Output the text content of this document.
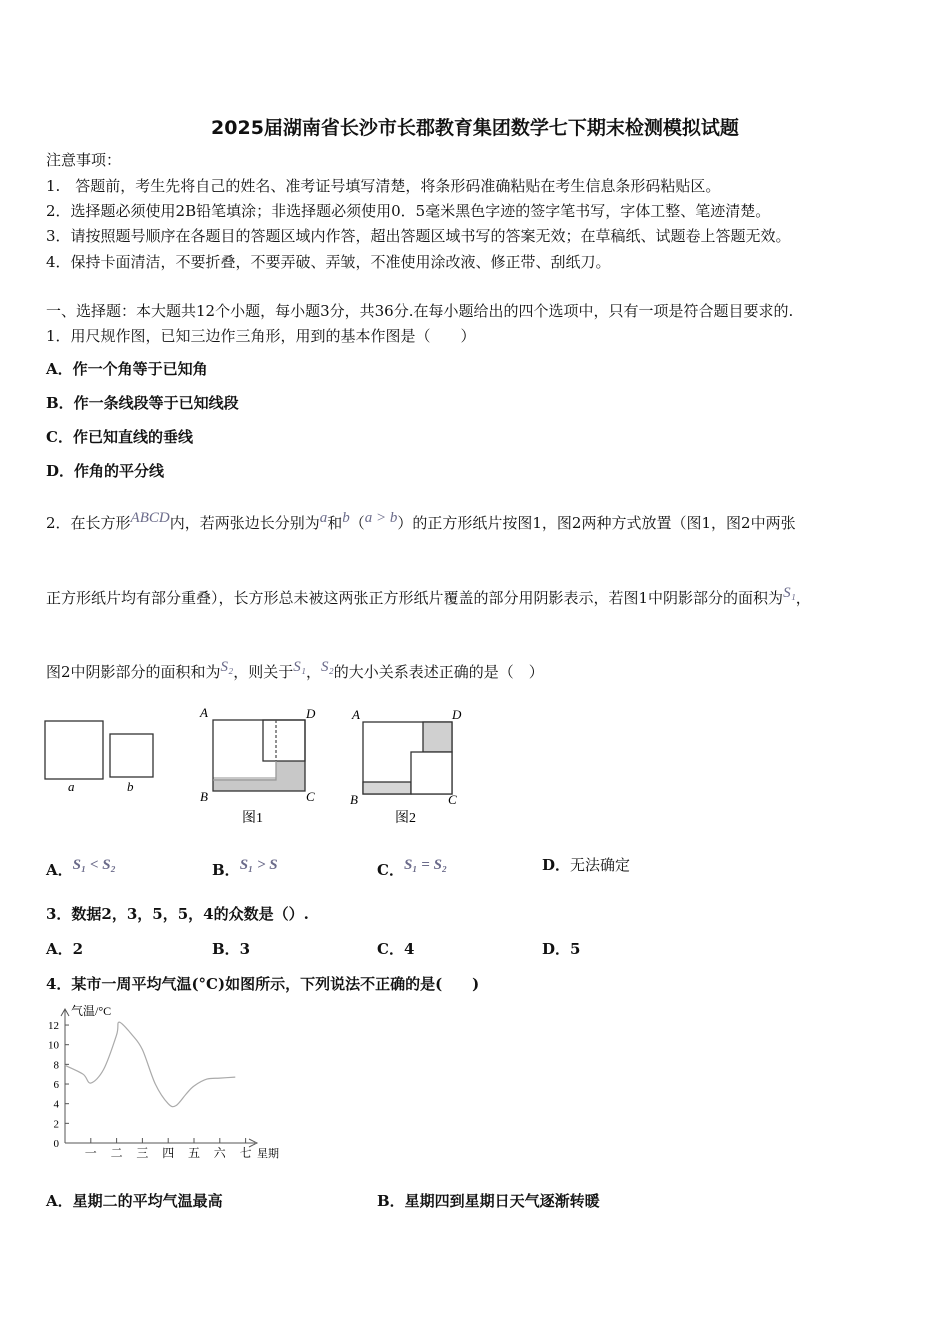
2025届湖南省长沙市长郡教育集团数学七下期末检测模拟试题
注意事项：
1.　答题前，考生先将自己的姓名、准考证号填写清楚，将条形码准确粘贴在考生信息条形码粘贴区。
2．选择题必须使用2B铅笔填涂；非选择题必须使用0．5毫米黑色字迹的签字笔书写，字体工整、笔迹清楚。
3．请按照题号顺序在各题目的答题区域内作答，超出答题区域书写的答案无效；在草稿纸、试题卷上答题无效。
4．保持卡面清洁，不要折叠，不要弄破、弄皱，不准使用涂改液、修正带、刮纸刀。
一、选择题：本大题共12个小题，每小题3分，共36分.在每小题给出的四个选项中，只有一项是符合题目要求的.
1．用尺规作图，已知三边作三角形，用到的基本作图是（　　）
A．作一个角等于已知角
B．作一条线段等于已知线段
C．作已知直线的垂线
D．作角的平分线
2．在长方形$^{ABCD}$内，若两张边长分别为$^a$和$^b$（$^{a > b}$）的正方形纸片按图1，图2两种方式放置（图1，图2中两张
正方形纸片均有部分重叠），长方形总未被这两张正方形纸片覆盖的部分用阴影表示，若图1中阴影部分的面积为$^{S_1}$，
图2中阴影部分的面积和为$^{S_2}$，则关于$^{S_1}$，$^{S_2}$的大小关系表述正确的是（　）
a	b
A	D
B	C
图1
A	D
B	C
图2
A．$^{S_1 < S_2}$	B．$^{S_1 > S}$	C．$^{S_1 = S_2}$	D．无法确定
3．数据2，3，5，5，4的众数是（）.
A．2	B．3	C．4	D．5
4．某市一周平均气温(°C)如图所示，下列说法不正确的是(　　)
气温/°C
星期
0
2
4
6
8
10
12
一 二 三 四 五 六 七
A．星期二的平均气温最高	B．星期四到星期日天气逐渐转暖
